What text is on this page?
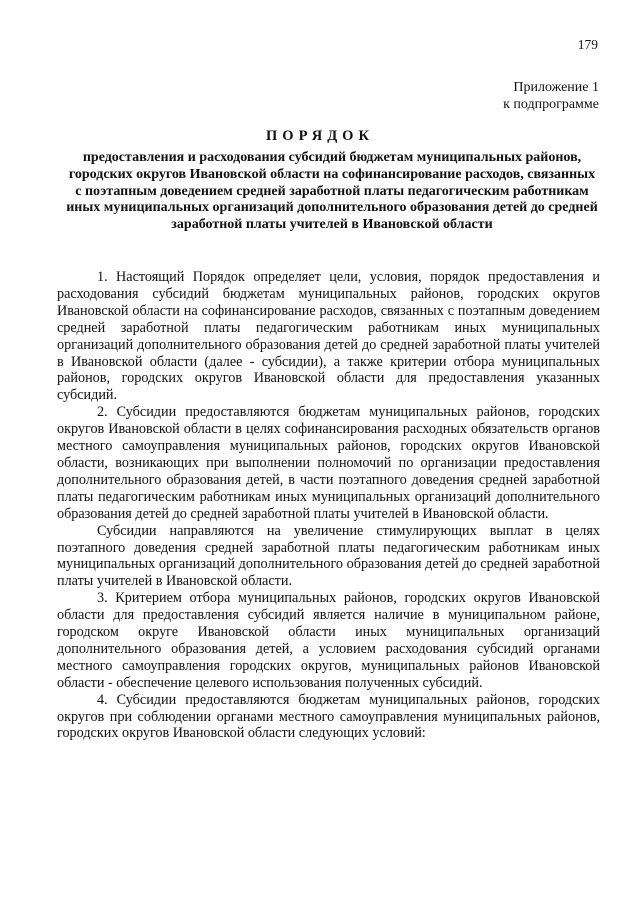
179
Приложение 1
к подпрограмме
ПОРЯДОК
предоставления и расходования субсидий бюджетам муниципальных районов, городских округов Ивановской области на софинансирование расходов, связанных с поэтапным доведением средней заработной платы педагогическим работникам иных муниципальных организаций дополнительного образования детей до средней заработной платы учителей в Ивановской области

1. Настоящий Порядок определяет цели, условия, порядок предоставления и расходования субсидий бюджетам муниципальных районов, городских округов Ивановской области на софинансирование расходов, связанных с поэтапным доведением средней заработной платы педагогическим работникам иных муниципальных организаций дополнительного образования детей до средней заработной платы учителей в Ивановской области (далее - субсидии), а также критерии отбора муниципальных районов, городских округов Ивановской области для предоставления указанных субсидий.

2. Субсидии предоставляются бюджетам муниципальных районов, городских округов Ивановской области в целях софинансирования расходных обязательств органов местного самоуправления муниципальных районов, городских округов Ивановской области, возникающих при выполнении полномочий по организации предоставления дополнительного образования детей, в части поэтапного доведения средней заработной платы педагогическим работникам иных муниципальных организаций дополнительного образования детей до средней заработной платы учителей в Ивановской области.

Субсидии направляются на увеличение стимулирующих выплат в целях поэтапного доведения средней заработной платы педагогическим работникам иных муниципальных организаций дополнительного образования детей до средней заработной платы учителей в Ивановской области.

3. Критерием отбора муниципальных районов, городских округов Ивановской области для предоставления субсидий является наличие в муниципальном районе, городском округе Ивановской области иных муниципальных организаций дополнительного образования детей, а условием расходования субсидий органами местного самоуправления городских округов, муниципальных районов Ивановской области - обеспечение целевого использования полученных субсидий.

4. Субсидии предоставляются бюджетам муниципальных районов, городских округов при соблюдении органами местного самоуправления муниципальных районов, городских округов Ивановской области следующих условий:
